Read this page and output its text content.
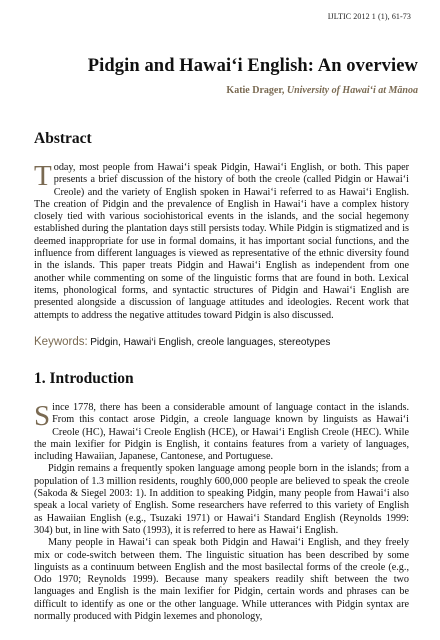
IJLTIC 2012 1 (1), 61-73
Pidgin and Hawai‘i English: An overview
Katie Drager, University of Hawai‘i at Mānoa
Abstract

Today, most people from Hawai‘i speak Pidgin, Hawai‘i English, or both. This paper presents a brief discussion of the history of both the creole (called Pidgin or Hawai‘i Creole) and the variety of English spoken in Hawai‘i referred to as Hawai‘i English. The creation of Pidgin and the prevalence of English in Hawai‘i have a complex history closely tied with various sociohistorical events in the islands, and the social hegemony established during the plantation days still persists today. While Pidgin is stigmatized and is deemed inappropriate for use in formal domains, it has important social functions, and the influence from different languages is viewed as representative of the ethnic diversity found in the islands. This paper treats Pidgin and Hawai‘i English as independent from one another while commenting on some of the linguistic forms that are found in both. Lexical items, phonological forms, and syntactic structures of Pidgin and Hawai‘i English are presented alongside a discussion of language attitudes and ideologies. Recent work that attempts to address the negative attitudes toward Pidgin is also discussed.

Keywords: Pidgin, Hawai‘i English, creole languages, stereotypes
1. Introduction

Since 1778, there has been a considerable amount of language contact in the islands. From this contact arose Pidgin, a creole language known by linguists as Hawai‘i Creole (HC), Hawai‘i Creole English (HCE), or Hawai‘i English Creole (HEC). While the main lexifier for Pidgin is English, it contains features from a variety of languages, including Hawaiian, Japanese, Cantonese, and Portuguese.

Pidgin remains a frequently spoken language among people born in the islands; from a population of 1.3 million residents, roughly 600,000 people are believed to speak the creole (Sakoda & Siegel 2003: 1). In addition to speaking Pidgin, many people from Hawai‘i also speak a local variety of English. Some researchers have referred to this variety of English as Hawaiian English (e.g., Tsuzaki 1971) or Hawai‘i Standard English (Reynolds 1999: 304) but, in line with Sato (1993), it is referred to here as Hawai‘i English.

Many people in Hawai‘i can speak both Pidgin and Hawai‘i English, and they freely mix or code-switch between them. The linguistic situation has been described by some linguists as a continuum between English and the most basilectal forms of the creole (e.g., Odo 1970; Reynolds 1999). Because many speakers readily shift between the two languages and English is the main lexifier for Pidgin, certain words and phrases can be difficult to identify as one or the other language. While utterances with Pidgin syntax are normally produced with Pidgin lexemes and phonology,
